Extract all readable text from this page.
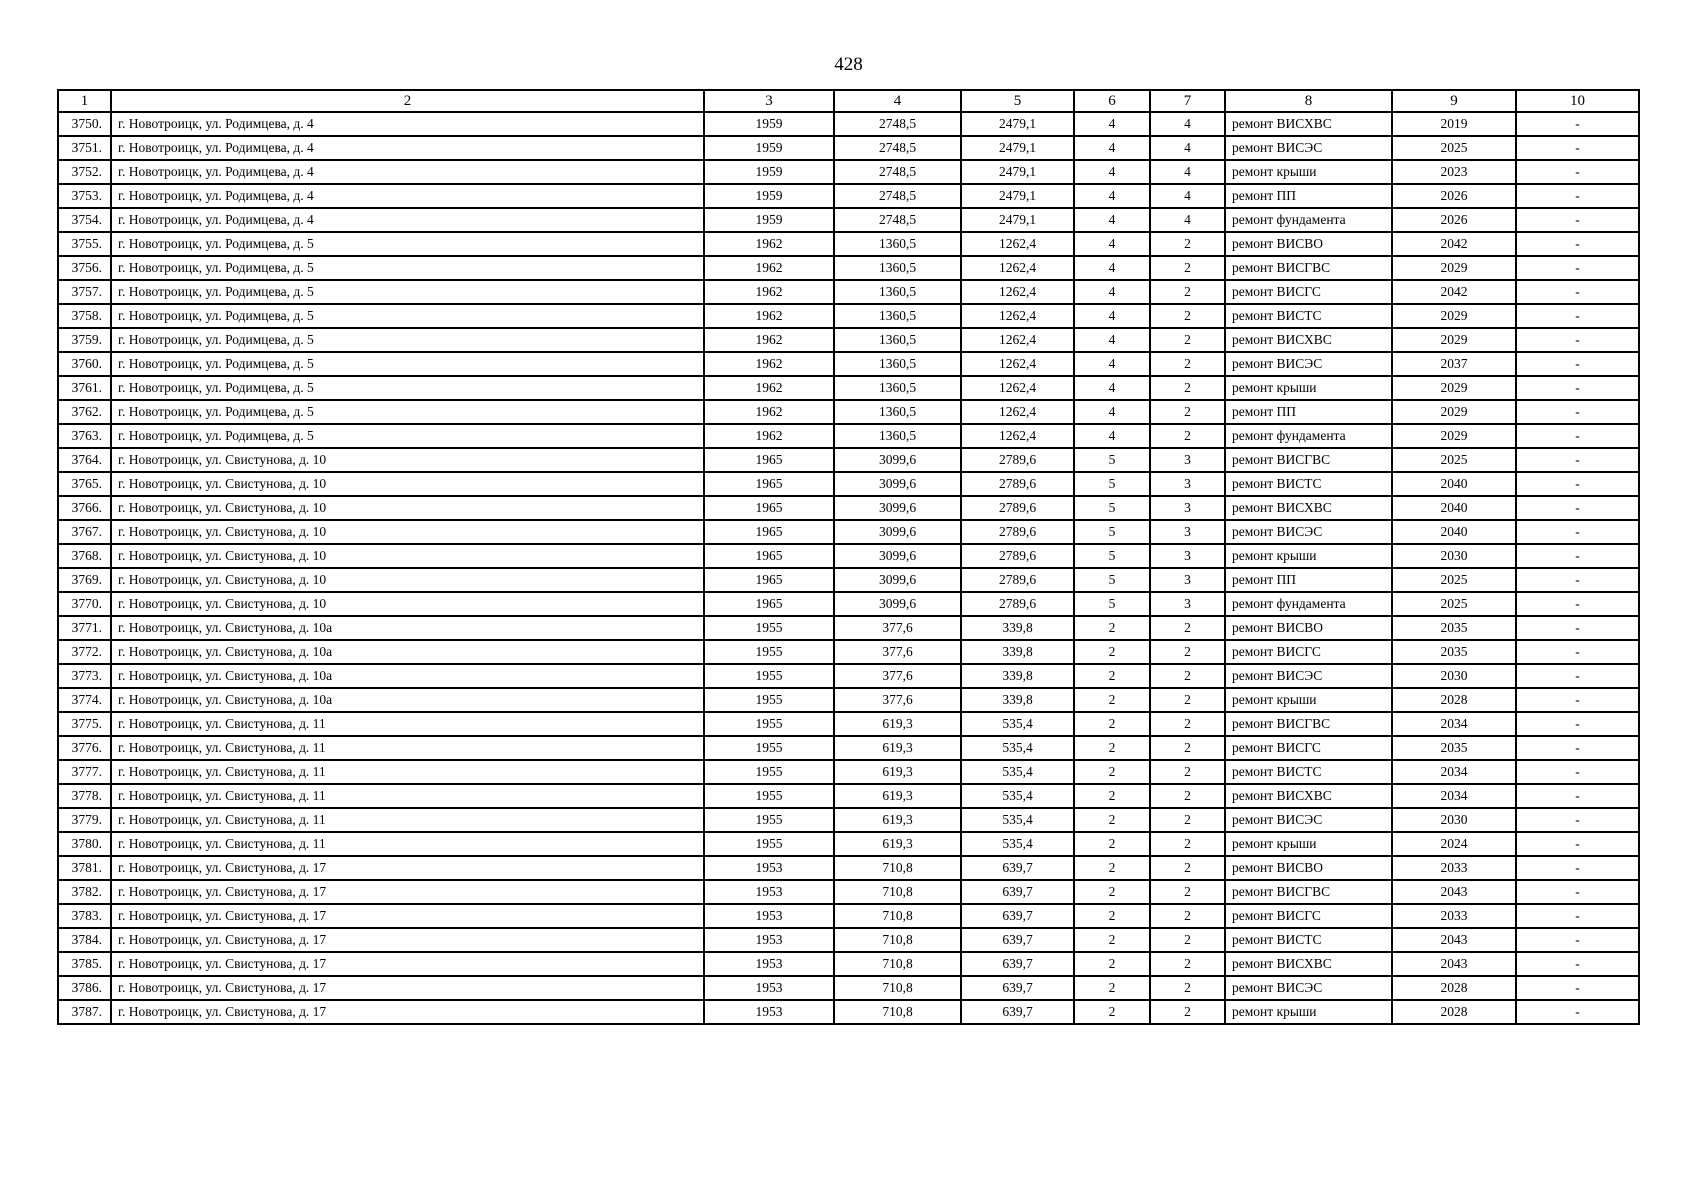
428
1	2	3	4	5	6	7	8	9	10
3750.	г. Новотроицк, ул. Родимцева, д. 4	1959	2748,5	2479,1	4	4	ремонт ВИСХВС	2019	-
3751.	г. Новотроицк, ул. Родимцева, д. 4	1959	2748,5	2479,1	4	4	ремонт ВИСЭС	2025	-
3752.	г. Новотроицк, ул. Родимцева, д. 4	1959	2748,5	2479,1	4	4	ремонт крыши	2023	-
3753.	г. Новотроицк, ул. Родимцева, д. 4	1959	2748,5	2479,1	4	4	ремонт ПП	2026	-
3754.	г. Новотроицк, ул. Родимцева, д. 4	1959	2748,5	2479,1	4	4	ремонт фундамента	2026	-
3755.	г. Новотроицк, ул. Родимцева, д. 5	1962	1360,5	1262,4	4	2	ремонт ВИСВО	2042	-
3756.	г. Новотроицк, ул. Родимцева, д. 5	1962	1360,5	1262,4	4	2	ремонт ВИСГВС	2029	-
3757.	г. Новотроицк, ул. Родимцева, д. 5	1962	1360,5	1262,4	4	2	ремонт ВИСГС	2042	-
3758.	г. Новотроицк, ул. Родимцева, д. 5	1962	1360,5	1262,4	4	2	ремонт ВИСТС	2029	-
3759.	г. Новотроицк, ул. Родимцева, д. 5	1962	1360,5	1262,4	4	2	ремонт ВИСХВС	2029	-
3760.	г. Новотроицк, ул. Родимцева, д. 5	1962	1360,5	1262,4	4	2	ремонт ВИСЭС	2037	-
3761.	г. Новотроицк, ул. Родимцева, д. 5	1962	1360,5	1262,4	4	2	ремонт крыши	2029	-
3762.	г. Новотроицк, ул. Родимцева, д. 5	1962	1360,5	1262,4	4	2	ремонт ПП	2029	-
3763.	г. Новотроицк, ул. Родимцева, д. 5	1962	1360,5	1262,4	4	2	ремонт фундамента	2029	-
3764.	г. Новотроицк, ул. Свистунова, д. 10	1965	3099,6	2789,6	5	3	ремонт ВИСГВС	2025	-
3765.	г. Новотроицк, ул. Свистунова, д. 10	1965	3099,6	2789,6	5	3	ремонт ВИСТС	2040	-
3766.	г. Новотроицк, ул. Свистунова, д. 10	1965	3099,6	2789,6	5	3	ремонт ВИСХВС	2040	-
3767.	г. Новотроицк, ул. Свистунова, д. 10	1965	3099,6	2789,6	5	3	ремонт ВИСЭС	2040	-
3768.	г. Новотроицк, ул. Свистунова, д. 10	1965	3099,6	2789,6	5	3	ремонт крыши	2030	-
3769.	г. Новотроицк, ул. Свистунова, д. 10	1965	3099,6	2789,6	5	3	ремонт ПП	2025	-
3770.	г. Новотроицк, ул. Свистунова, д. 10	1965	3099,6	2789,6	5	3	ремонт фундамента	2025	-
3771.	г. Новотроицк, ул. Свистунова, д. 10а	1955	377,6	339,8	2	2	ремонт ВИСВО	2035	-
3772.	г. Новотроицк, ул. Свистунова, д. 10а	1955	377,6	339,8	2	2	ремонт ВИСГС	2035	-
3773.	г. Новотроицк, ул. Свистунова, д. 10а	1955	377,6	339,8	2	2	ремонт ВИСЭС	2030	-
3774.	г. Новотроицк, ул. Свистунова, д. 10а	1955	377,6	339,8	2	2	ремонт крыши	2028	-
3775.	г. Новотроицк, ул. Свистунова, д. 11	1955	619,3	535,4	2	2	ремонт ВИСГВС	2034	-
3776.	г. Новотроицк, ул. Свистунова, д. 11	1955	619,3	535,4	2	2	ремонт ВИСГС	2035	-
3777.	г. Новотроицк, ул. Свистунова, д. 11	1955	619,3	535,4	2	2	ремонт ВИСТС	2034	-
3778.	г. Новотроицк, ул. Свистунова, д. 11	1955	619,3	535,4	2	2	ремонт ВИСХВС	2034	-
3779.	г. Новотроицк, ул. Свистунова, д. 11	1955	619,3	535,4	2	2	ремонт ВИСЭС	2030	-
3780.	г. Новотроицк, ул. Свистунова, д. 11	1955	619,3	535,4	2	2	ремонт крыши	2024	-
3781.	г. Новотроицк, ул. Свистунова, д. 17	1953	710,8	639,7	2	2	ремонт ВИСВО	2033	-
3782.	г. Новотроицк, ул. Свистунова, д. 17	1953	710,8	639,7	2	2	ремонт ВИСГВС	2043	-
3783.	г. Новотроицк, ул. Свистунова, д. 17	1953	710,8	639,7	2	2	ремонт ВИСГС	2033	-
3784.	г. Новотроицк, ул. Свистунова, д. 17	1953	710,8	639,7	2	2	ремонт ВИСТС	2043	-
3785.	г. Новотроицк, ул. Свистунова, д. 17	1953	710,8	639,7	2	2	ремонт ВИСХВС	2043	-
3786.	г. Новотроицк, ул. Свистунова, д. 17	1953	710,8	639,7	2	2	ремонт ВИСЭС	2028	-
3787.	г. Новотроицк, ул. Свистунова, д. 17	1953	710,8	639,7	2	2	ремонт крыши	2028	-
